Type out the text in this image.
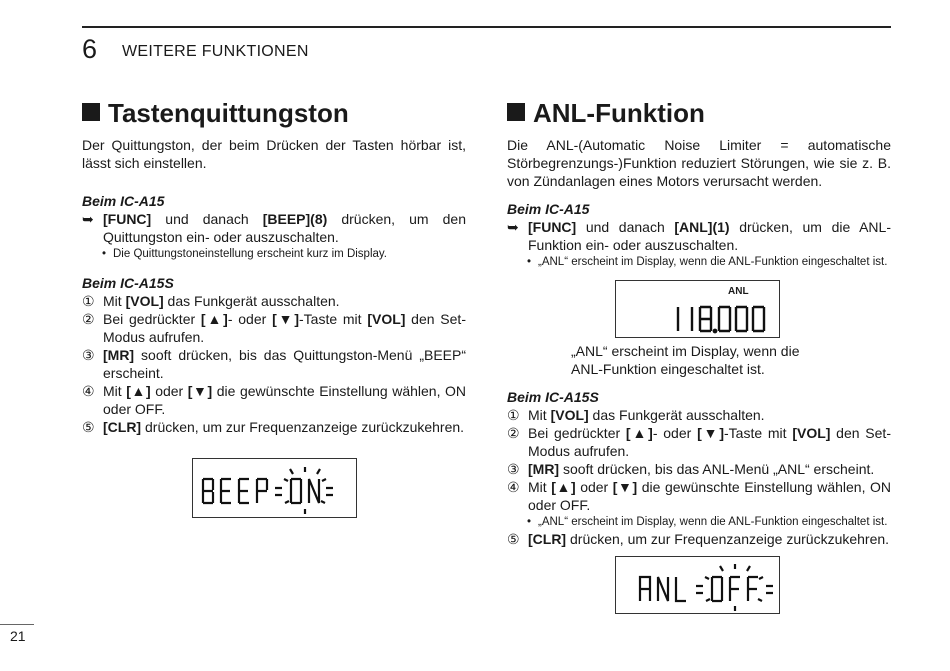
6 WEITERE FUNKTIONEN
Tastenquittungston

Der Quittungston, der beim Drücken der Tasten hörbar ist, lässt sich einstellen.

Beim IC-A15
➥ [FUNC] und danach [BEEP](8) drücken, um den Quittungston ein- oder auszuschalten.
• Die Quittungstoneinstellung erscheint kurz im Display.
Beim IC-A15S
① Mit [VOL] das Funkgerät ausschalten.
② Bei gedrückter [▲]- oder [▼]-Taste mit [VOL] den Set-Modus aufrufen.
③ [MR] sooft drücken, bis das Quittungston-Menü „BEEP“ erscheint.
④ Mit [▲] oder [▼] die gewünschte Einstellung wählen, ON oder OFF.
⑤ [CLR] drücken, um zur Frequenzanzeige zurückzukehren.
ANL-Funktion

Die ANL-(Automatic Noise Limiter = automatische Störbegrenzungs-)Funktion reduziert Störungen, wie sie z. B. von Zündanlagen eines Motors verursacht werden.

Beim IC-A15
➥ [FUNC] und danach [ANL](1) drücken, um die ANL-Funktion ein- oder auszuschalten.
• „ANL“ erscheint im Display, wenn die ANL-Funktion eingeschaltet ist.
ANL
„ANL“ erscheint im Display, wenn die ANL-Funktion eingeschaltet ist.
Beim IC-A15S
① Mit [VOL] das Funkgerät ausschalten.
② Bei gedrückter [▲]- oder [▼]-Taste mit [VOL] den Set-Modus aufrufen.
③ [MR] sooft drücken, bis das ANL-Menü „ANL“ erscheint.
④ Mit [▲] oder [▼] die gewünschte Einstellung wählen, ON oder OFF.
• „ANL“ erscheint im Display, wenn die ANL-Funktion eingeschaltet ist.
⑤ [CLR] drücken, um zur Frequenzanzeige zurückzukehren.
21
